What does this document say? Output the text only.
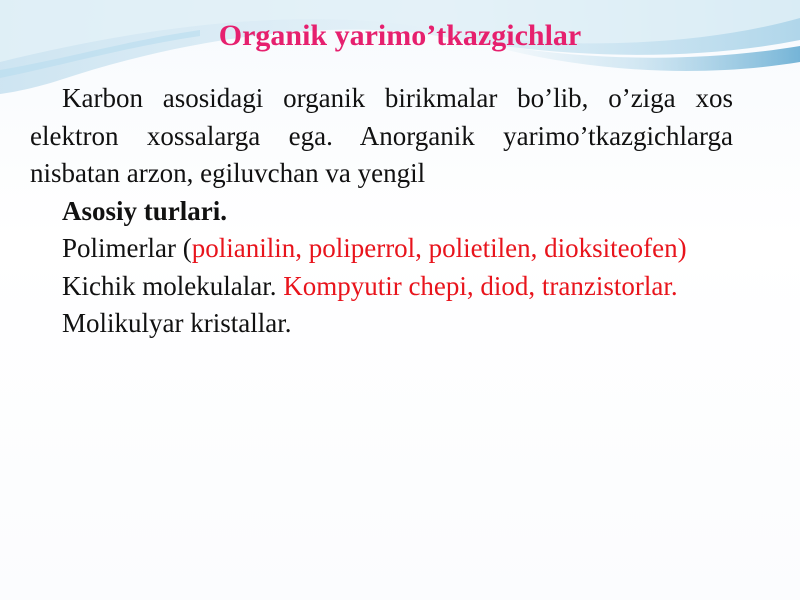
Organik yarimo’tkazgichlar

Karbon asosidagi organik birikmalar bo’lib, o’ziga xos elektron xossalarga ega. Anorganik yarimo’tkazgichlarga nisbatan arzon, egiluvchan va yengil

Asosiy turlari.

Polimerlar (polianilin, poliperrol, polietilen, dioksiteofen)

Kichik molekulalar. Kompyutir chepi, diod, tranzistorlar.

Molikulyar kristallar.
